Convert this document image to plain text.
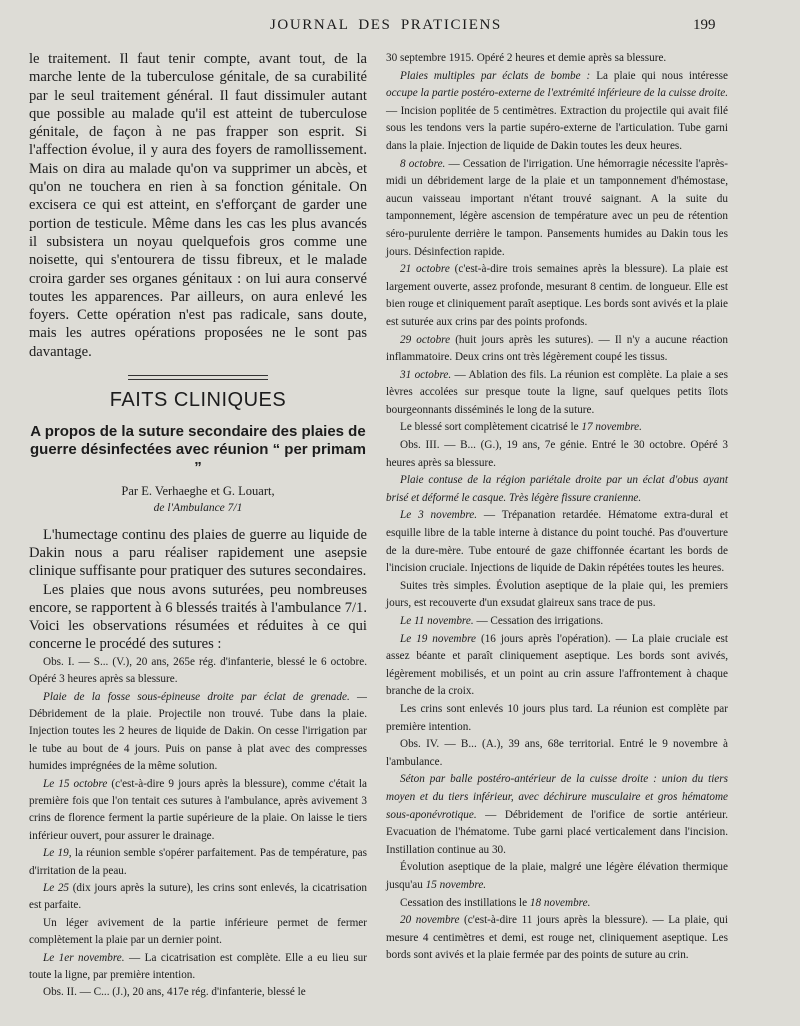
JOURNAL DES PRATICIENS	199

le traitement. Il faut tenir compte, avant tout, de la marche lente de la tuberculose génitale, de sa curabilité par le seul traitement général. Il faut dissimuler autant que possible au malade qu'il est atteint de tuberculose génitale, de façon à ne pas frapper son esprit. Si l'affection évolue, il y aura des foyers de ramollissement. Mais on dira au malade qu'on va supprimer un abcès, et qu'on ne touchera en rien à sa fonction génitale. On excisera ce qui est atteint, en s'efforçant de garder une portion de testicule. Même dans les cas les plus avancés il subsistera un noyau quelquefois gros comme une noisette, qui s'entourera de tissu fibreux, et le malade croira garder ses organes génitaux : on lui aura conservé toutes les apparences. Par ailleurs, on aura enlevé les foyers. Cette opération n'est pas radicale, sans doute, mais les autres opérations proposées ne le sont pas davantage.

FAITS CLINIQUES
A propos de la suture secondaire des plaies de guerre désinfectées avec réunion “ per primam ”
Par E. Verhaeghe et G. Louart,
de l'Ambulance 7/1

L'humectage continu des plaies de guerre au liquide de Dakin nous a paru réaliser rapidement une asepsie clinique suffisante pour pratiquer des sutures secondaires.

Les plaies que nous avons suturées, peu nombreuses encore, se rapportent à 6 blessés traités à l'ambulance 7/1. Voici les observations résumées et réduites à ce qui concerne le procédé des sutures :

Obs. I. — S... (V.), 20 ans, 265e rég. d'infanterie, blessé le 6 octobre. Opéré 3 heures après sa blessure.

Plaie de la fosse sous-épineuse droite par éclat de grenade. — Débridement de la plaie. Projectile non trouvé. Tube dans la plaie. Injection toutes les 2 heures de liquide de Dakin. On cesse l'irrigation par le tube au bout de 4 jours. Puis on panse à plat avec des compresses humides imprégnées de la même solution.

Le 15 octobre (c'est-à-dire 9 jours après la blessure), comme c'était la première fois que l'on tentait ces sutures à l'ambulance, après avivement 3 crins de florence ferment la partie supérieure de la plaie. On laisse le tiers inférieur ouvert, pour assurer le drainage.

Le 19, la réunion semble s'opérer parfaitement. Pas de température, pas d'irritation de la peau.

Le 25 (dix jours après la suture), les crins sont enlevés, la cicatrisation est parfaite.

Un léger avivement de la partie inférieure permet de fermer complètement la plaie par un dernier point.

Le 1er novembre. — La cicatrisation est complète. Elle a eu lieu sur toute la ligne, par première intention.

Obs. II. — C... (J.), 20 ans, 417e rég. d'infanterie, blessé le

30 septembre 1915. Opéré 2 heures et demie après sa blessure.

Plaies multiples par éclats de bombe : La plaie qui nous intéresse occupe la partie postéro-externe de l'extrémité inférieure de la cuisse droite. — Incision poplitée de 5 centimètres. Extraction du projectile qui avait filé sous les tendons vers la partie supéro-externe de l'articulation. Tube garni dans la plaie. Injection de liquide de Dakin toutes les deux heures.

8 octobre. — Cessation de l'irrigation. Une hémorragie nécessite l'après-midi un débridement large de la plaie et un tamponnement d'hémostase, aucun vaisseau important n'étant trouvé saignant. A la suite du tamponnement, légère ascension de température avec un peu de rétention séro-purulente derrière le tampon. Pansements humides au Dakin tous les jours. Désinfection rapide.

21 octobre (c'est-à-dire trois semaines après la blessure). La plaie est largement ouverte, assez profonde, mesurant 8 centim. de longueur. Elle est bien rouge et cliniquement paraît aseptique. Les bords sont avivés et la plaie est suturée aux crins par des points profonds.

29 octobre (huit jours après les sutures). — Il n'y a aucune réaction inflammatoire. Deux crins ont très légèrement coupé les tissus.

31 octobre. — Ablation des fils. La réunion est complète. La plaie a ses lèvres accolées sur presque toute la ligne, sauf quelques petits îlots bourgeonnants disséminés le long de la suture.

Le blessé sort complètement cicatrisé le 17 novembre.

Obs. III. — B... (G.), 19 ans, 7e génie. Entré le 30 octobre. Opéré 3 heures après sa blessure.

Plaie contuse de la région pariétale droite par un éclat d'obus ayant brisé et déformé le casque. Très légère fissure cranienne.

Le 3 novembre. — Trépanation retardée. Hématome extra-dural et esquille libre de la table interne à distance du point touché. Pas d'ouverture de la dure-mère. Tube entouré de gaze chiffonnée écartant les bords de l'incision cruciale. Injections de liquide de Dakin répétées toutes les heures.

Suites très simples. Évolution aseptique de la plaie qui, les premiers jours, est recouverte d'un exsudat glaireux sans trace de pus.

Le 11 novembre. — Cessation des irrigations.

Le 19 novembre (16 jours après l'opération). — La plaie cruciale est assez béante et paraît cliniquement aseptique. Les bords sont avivés, légèrement mobilisés, et un point au crin assure l'affrontement à chaque branche de la croix.

Les crins sont enlevés 10 jours plus tard. La réunion est complète par première intention.

Obs. IV. — B... (A.), 39 ans, 68e territorial. Entré le 9 novembre à l'ambulance.

Séton par balle postéro-antérieur de la cuisse droite : union du tiers moyen et du tiers inférieur, avec déchirure musculaire et gros hématome sous-aponévrotique. — Débridement de l'orifice de sortie antérieur. Evacuation de l'hématome. Tube garni placé verticalement dans l'incision. Instillation continue au 30.

Évolution aseptique de la plaie, malgré une légère élévation thermique jusqu'au 15 novembre.

Cessation des instillations le 18 novembre.

20 novembre (c'est-à-dire 11 jours après la blessure). — La plaie, qui mesure 4 centimètres et demi, est rouge net, cliniquement aseptique. Les bords sont avivés et la plaie fermée par des points de suture au crin.
